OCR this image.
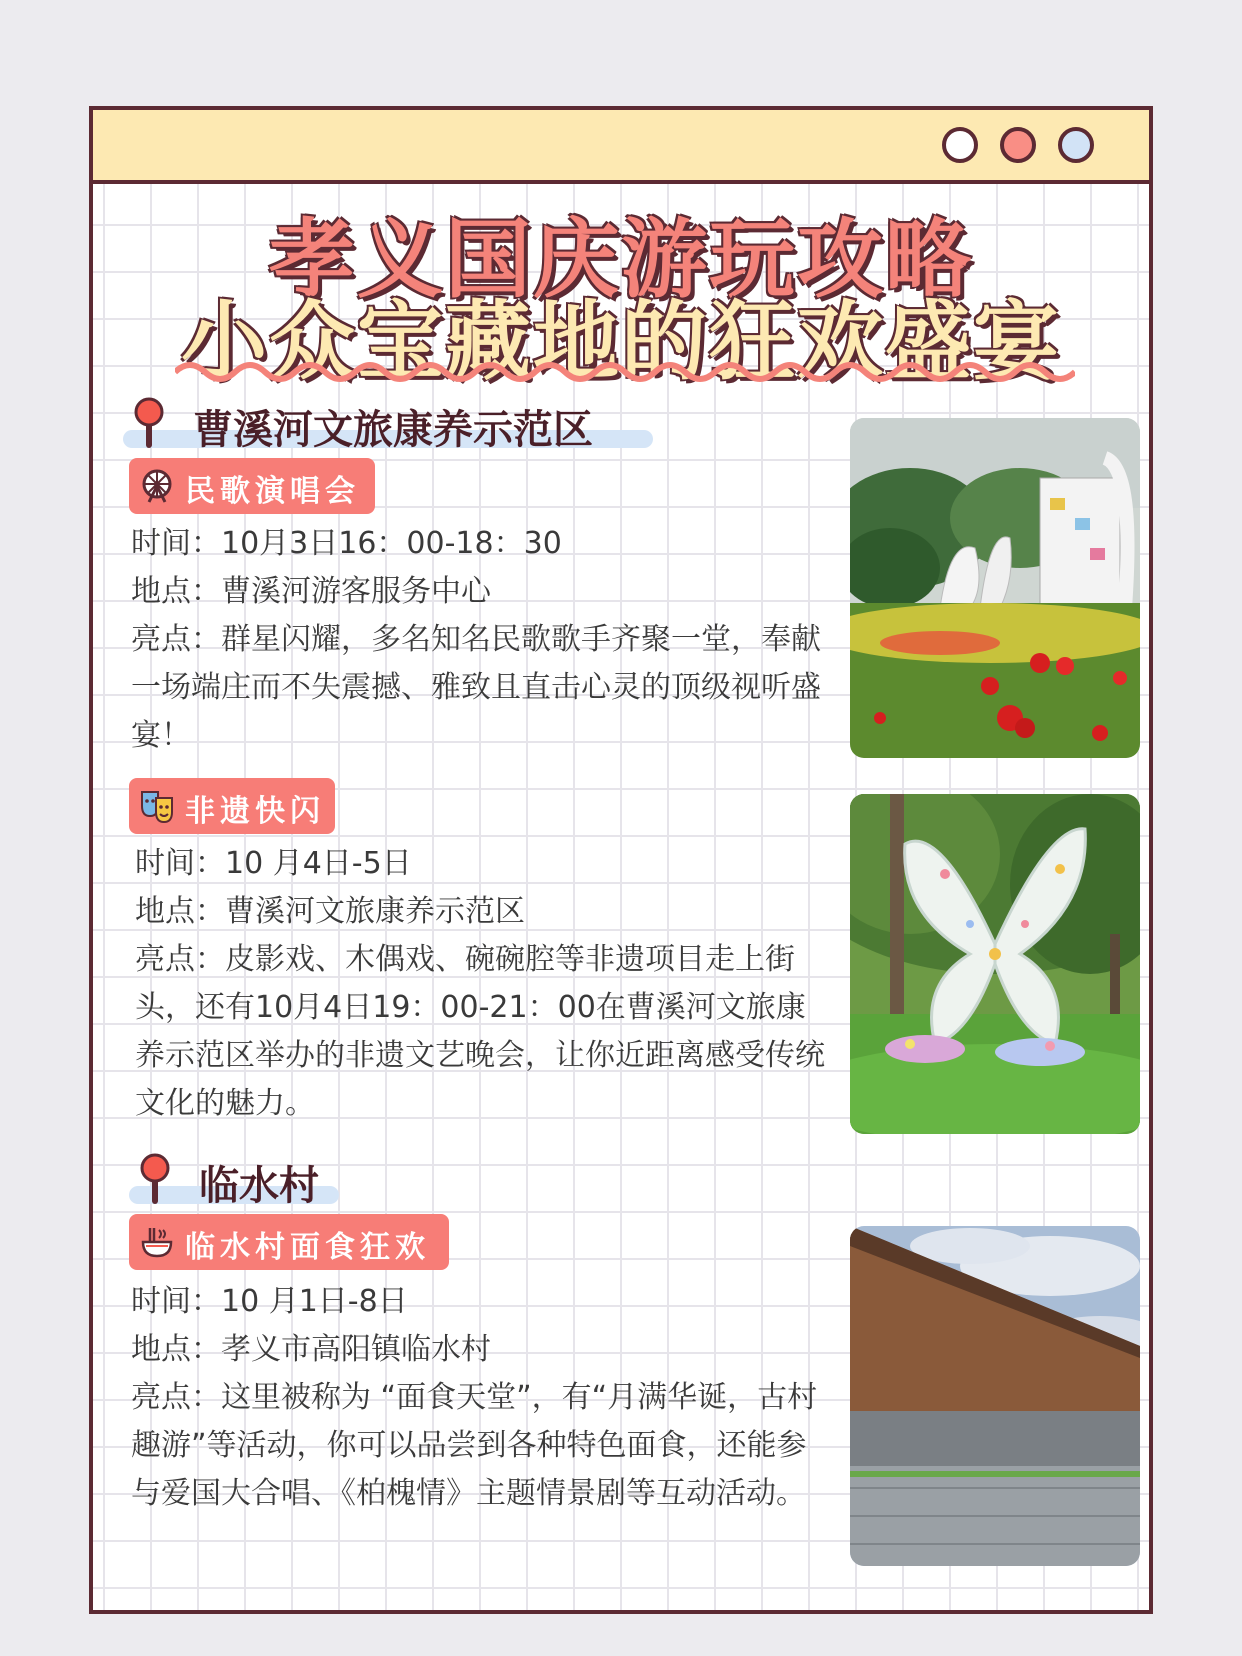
孝义国庆游玩攻略
小众宝藏地的狂欢盛宴
曹溪河文旅康养示范区
民歌演唱会

时间：10月3日16：00-18：30

地点：曹溪河游客服务中心

亮点：群星闪耀，多名知名民歌歌手齐聚一堂，奉献一场端庄而不失震撼、雅致且直击心灵的顶级视听盛宴！

非遗快闪

时间：10 月4日-5日

地点：曹溪河文旅康养示范区

亮点：皮影戏、木偶戏、碗碗腔等非遗项目走上街头，还有10月4日19：00-21：00在曹溪河文旅康养示范区举办的非遗文艺晚会，让你近距离感受传统文化的魅力。

临水村
临水村面食狂欢

时间：10 月1日-8日

地点：孝义市高阳镇临水村

亮点：这里被称为 “面食天堂”，有“月满华诞，古村趣游”等活动，你可以品尝到各种特色面食，还能参与爱国大合唱、《柏槐情》主题情景剧等互动活动。
